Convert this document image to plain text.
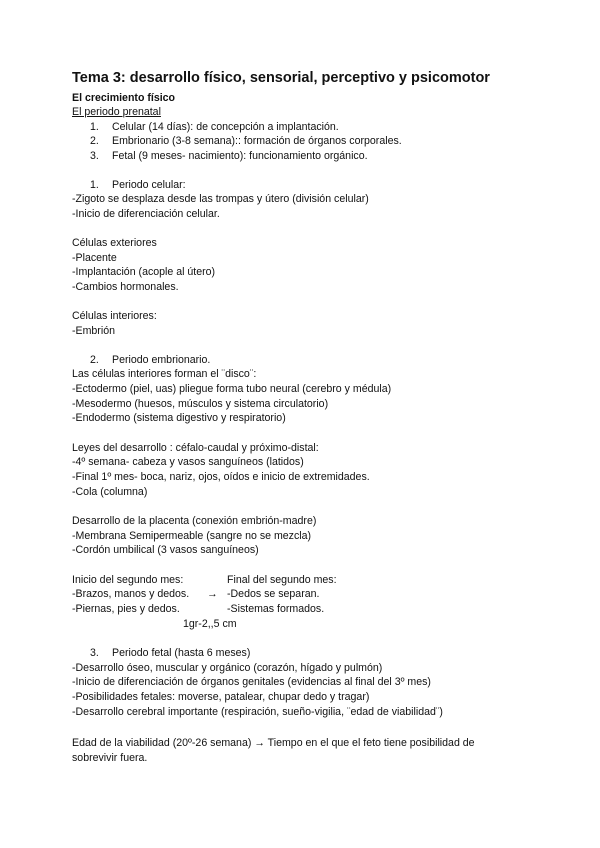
Tema 3: desarrollo físico, sensorial, perceptivo y psicomotor
El crecimiento físico
El periodo prenatal
1. Celular (14 días): de concepción a implantación.
2. Embrionario (3-8 semana):: formación de órganos corporales.
3. Fetal (9 meses- nacimiento): funcionamiento orgánico.
1. Periodo celular:
-Zigoto se desplaza desde las trompas y útero (división celular)
-Inicio de diferenciación celular.
Células exteriores
-Placente
-Implantación (acople al útero)
-Cambios hormonales.
Células interiores:
-Embrión
2. Periodo embrionario.
Las células interiores forman el ¨disco¨:
-Ectodermo (piel, uas) pliegue forma tubo neural (cerebro y médula)
-Mesodermo (huesos, músculos y sistema circulatorio)
-Endodermo (sistema digestivo y respiratorio)
Leyes del desarrollo : céfalo-caudal y próximo-distal:
-4º semana- cabeza y vasos sanguíneos (latidos)
-Final 1º mes- boca, nariz, ojos, oídos e inicio de extremidades.
-Cola (columna)
Desarrollo de la placenta (conexión embrión-madre)
-Membrana Semipermeable (sangre no se mezcla)
-Cordón umbilical (3 vasos sanguíneos)
Inicio del segundo mes:	Final del segundo mes:
-Brazos, manos y dedos. → -Dedos se separan.
-Piernas, pies y dedos.	-Sistemas formados.
1gr-2,,5 cm
3. Periodo fetal (hasta 6 meses)
-Desarrollo óseo, muscular y orgánico (corazón, hígado y pulmón)
-Inicio de diferenciación de órganos genitales (evidencias al final del 3º mes)
-Posibilidades fetales: moverse, patalear, chupar dedo y tragar)
-Desarrollo cerebral importante (respiración, sueño-vigilia, ¨edad de viabilidad¨)
Edad de la viabilidad (20º-26 semana) → Tiempo en el que el feto tiene posibilidad de
sobrevivir fuera.
